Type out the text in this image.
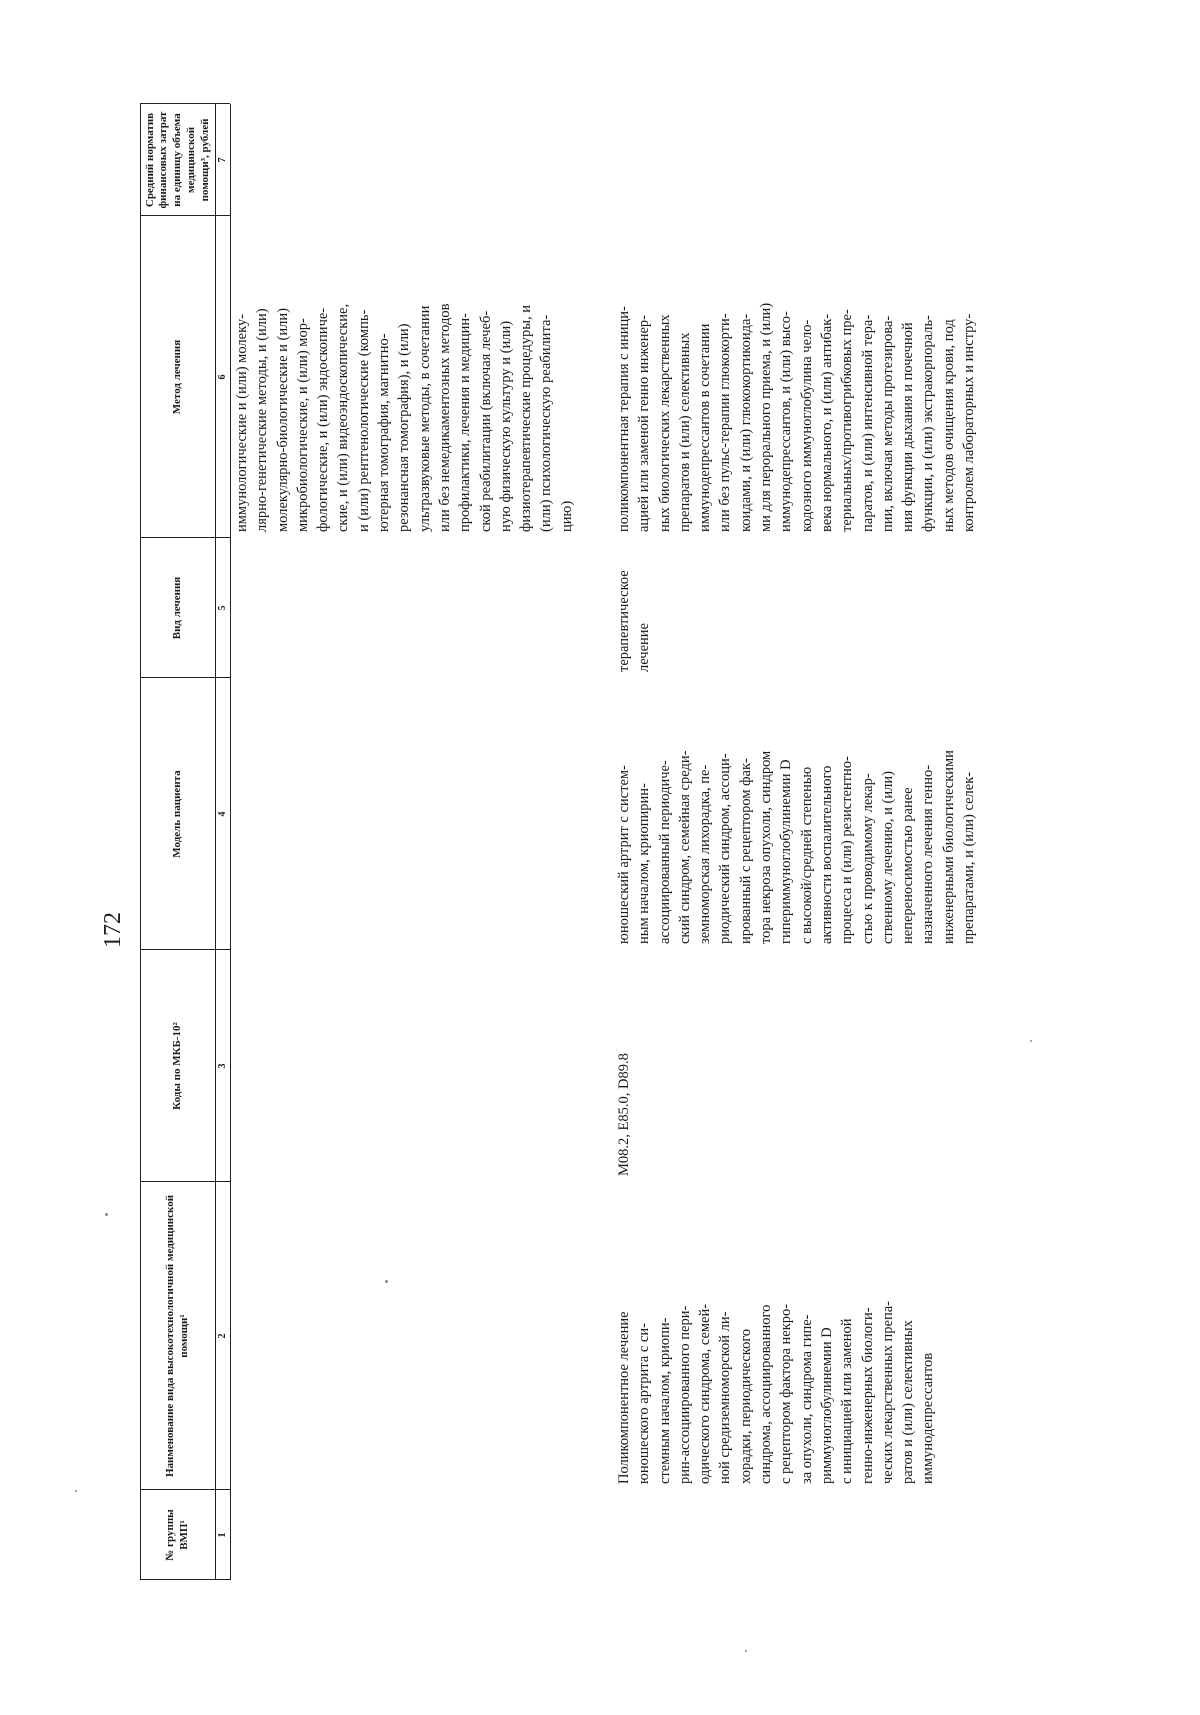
172
№ группы ВМП¹
Наименование вида высокотехнологичной медицинской помощи¹
Коды по МКБ-10²
Модель пациента
Вид лечения
Метод лечения
Средний норматив финансовых затрат на единицу объема медицинской помощи³, рублей
1
2
3
4
5
6
7
иммунологические и (или) молеку-
лярно-генетические методы, и (или)
молекулярно-биологические и (или)
микробиологические, и (или) мор-
фологические, и (или) эндоскопиче-
ские, и (или) видеоэндоскопические,
и (или) рентгенологические (компь-
ютерная томография, магнитно-
резонансная томография), и (или)
ультразвуковые методы, в сочетании
или без немедикаментозных методов
профилактики, лечения и медицин-
ской реабилитации (включая лечеб-
ную физическую культуру и (или)
физиотерапевтические процедуры, и
(или) психологическую реабилита-
цию)
Поликомпонентное лечение
юношеского артрита с си-
стемным началом, криопи-
рин-ассоциированного пери-
одического синдрома, семей-
ной средиземноморской ли-
хорадки, периодического
синдрома, ассоциированного
с рецептором фактора некро-
за опухоли, синдрома гипе-
риммуноглобулинемии D
с инициацией или заменой
генно-инженерных биологи-
ческих лекарственных препа-
ратов и (или) селективных
иммунодепрессантов
M08.2, E85.0, D89.8
юношеский артрит с систем-
ным началом, криопирин-
ассоциированный периодиче-
ский синдром, семейная среди-
земноморская лихорадка, пе-
риодический синдром, ассоци-
ированный с рецептором фак-
тора некроза опухоли, синдром
гипериммуноглобулинемии D
с высокой/средней степенью
активности воспалительного
процесса и (или) резистентно-
стью к проводимому лекар-
ственному лечению, и (или)
непереносимостью ранее
назначенного лечения генно-
инженерными биологическими
препаратами, и (или) селек-
терапевтическое
лечение
поликомпонентная терапия с иници-
ацией или заменой генно инженер-
ных биологических лекарственных
препаратов и (или) селективных
иммунодепрессантов в сочетании
или без пульс-терапии глюкокорти-
коидами, и (или) глюкокортикоида-
ми для перорального приема, и (или)
иммунодепрессантов, и (или) высо-
кодозного иммуноглобулина чело-
века нормального, и (или) антибак-
териальных/противогрибковых пре-
паратов, и (или) интенсивной тера-
пии, включая методы протезирова-
ния функции дыхания и почечной
функции, и (или) экстракорпораль-
ных методов очищения крови, под
контролем лабораторных и инстру-
